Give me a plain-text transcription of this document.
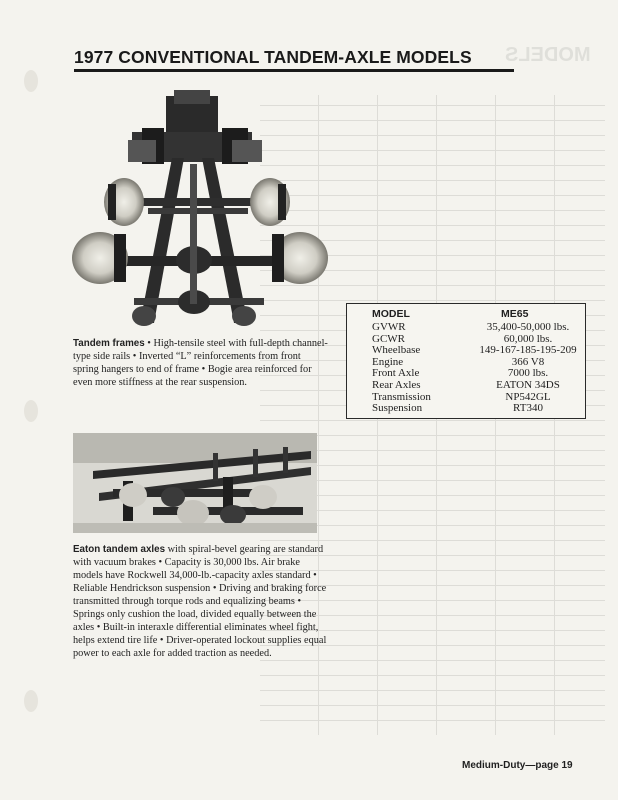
MODELS
1977 CONVENTIONAL TANDEM-AXLE MODELS
Tandem frames • High-tensile steel with full-depth channel-type side rails • Inverted “L” reinforcements from front spring hangers to end of frame • Bogie area reinforced for even more stiffness at the rear suspension.
MODEL	ME65
GVWR	35,400-50,000 lbs.
GCWR	60,000 lbs.
Wheelbase	149-167-185-195-209
Engine	366 V8
Front Axle	7000 lbs.
Rear Axles	EATON 34DS
Transmission	NP542GL
Suspension	RT340
Eaton tandem axles with spiral-bevel gearing are standard with vacuum brakes • Capacity is 30,000 lbs. Air brake models have Rockwell 34,000-lb.-capacity axles standard • Reliable Hendrickson suspension • Driving and braking force transmitted through torque rods and equalizing beams • Springs only cushion the load, divided equally between the axles • Built-in interaxle differential eliminates wheel fight, helps extend tire life • Driver-operated lockout supplies equal power to each axle for added traction as needed.
Medium-Duty—page 19
